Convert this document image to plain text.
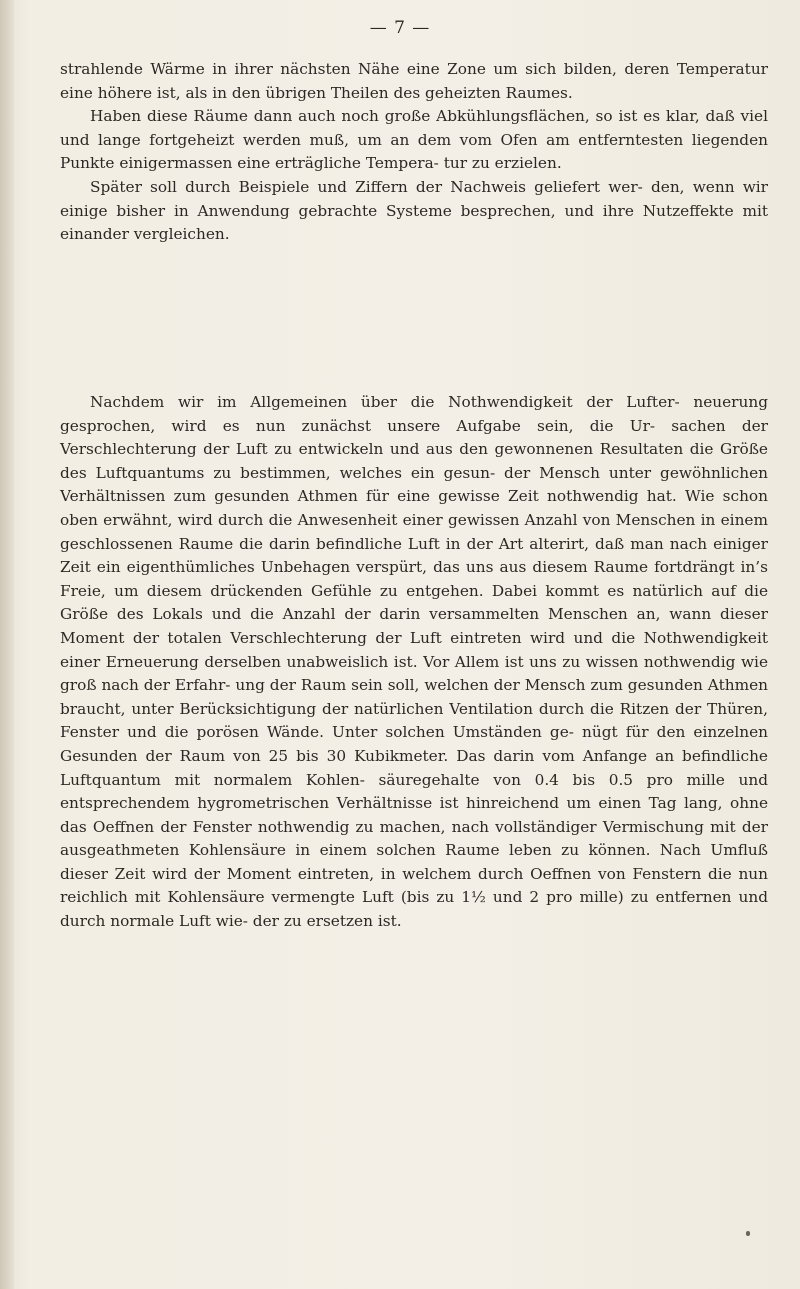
— 7 —

strahlende Wärme in ihrer nächsten Nähe eine Zone um sich bilden, deren Temperatur eine höhere ist, als in den übrigen Theilen des geheizten Raumes.

Haben diese Räume dann auch noch große Abkühlungsflächen, so ist es klar, daß viel und lange fortgeheizt werden muß, um an dem vom Ofen am entferntesten liegenden Punkte einigermassen eine erträgliche Tempera- tur zu erzielen.

Später soll durch Beispiele und Ziffern der Nachweis geliefert wer- den, wenn wir einige bisher in Anwendung gebrachte Systeme besprechen, und ihre Nutzeffekte mit einander vergleichen.

Nachdem wir im Allgemeinen über die Nothwendigkeit der Lufter- neuerung gesprochen, wird es nun zunächst unsere Aufgabe sein, die Ur- sachen der Verschlechterung der Luft zu entwickeln und aus den gewonnenen Resultaten die Größe des Luftquantums zu bestimmen, welches ein gesun- der Mensch unter gewöhnlichen Verhältnissen zum gesunden Athmen für eine gewisse Zeit nothwendig hat. Wie schon oben erwähnt, wird durch die Anwesenheit einer gewissen Anzahl von Menschen in einem geschlossenen Raume die darin befindliche Luft in der Art alterirt, daß man nach einiger Zeit ein eigenthümliches Unbehagen verspürt, das uns aus diesem Raume fortdrängt in’s Freie, um diesem drückenden Gefühle zu entgehen. Dabei kommt es natürlich auf die Größe des Lokals und die Anzahl der darin versammelten Menschen an, wann dieser Moment der totalen Verschlechterung der Luft eintreten wird und die Nothwendigkeit einer Erneuerung derselben unabweislich ist. Vor Allem ist uns zu wissen nothwendig wie groß nach der Erfahr- ung der Raum sein soll, welchen der Mensch zum gesunden Athmen braucht, unter Berücksichtigung der natürlichen Ventilation durch die Ritzen der Thüren, Fenster und die porösen Wände. Unter solchen Umständen ge- nügt für den einzelnen Gesunden der Raum von 25 bis 30 Kubikmeter. Das darin vom Anfange an befindliche Luftquantum mit normalem Kohlen- säuregehalte von 0.4 bis 0.5 pro mille und entsprechendem hygrometrischen Verhältnisse ist hinreichend um einen Tag lang, ohne das Oeffnen der Fenster nothwendig zu machen, nach vollständiger Vermischung mit der ausgeathmeten Kohlensäure in einem solchen Raume leben zu können. Nach Umfluß dieser Zeit wird der Moment eintreten, in welchem durch Oeffnen von Fenstern die nun reichlich mit Kohlensäure vermengte Luft (bis zu 1½ und 2 pro mille) zu entfernen und durch normale Luft wie- der zu ersetzen ist.
